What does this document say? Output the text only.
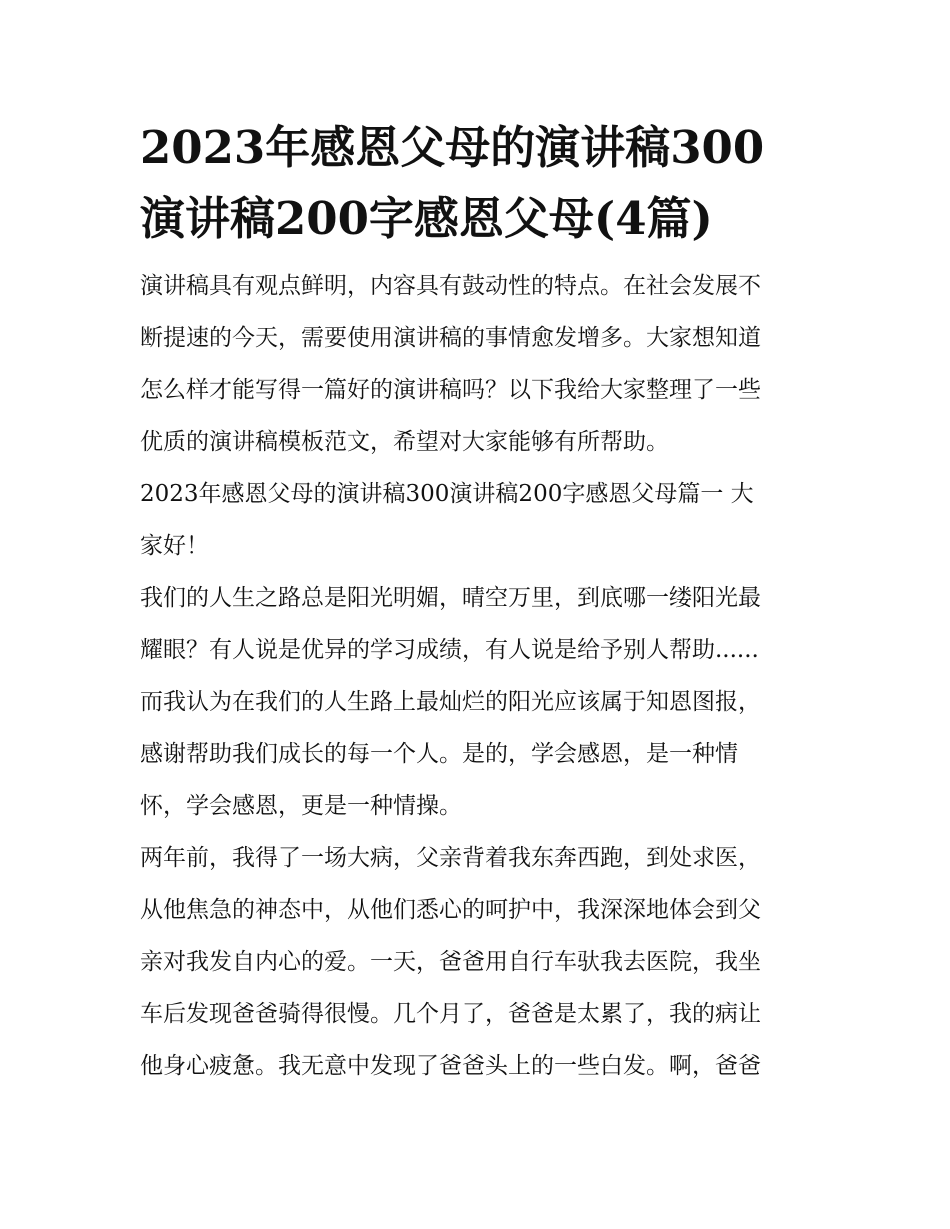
2023年感恩父母的演讲稿300
演讲稿200字感恩父母(4篇)

演讲稿具有观点鲜明，内容具有鼓动性的特点。在社会发展不
断提速的今天，需要使用演讲稿的事情愈发增多。大家想知道
怎么样才能写得一篇好的演讲稿吗？以下我给大家整理了一些
优质的演讲稿模板范文，希望对大家能够有所帮助。

2023年感恩父母的演讲稿300演讲稿200字感恩父母篇一 大
家好！

我们的人生之路总是阳光明媚，晴空万里，到底哪一缕阳光最
耀眼？有人说是优异的学习成绩，有人说是给予别人帮助......
而我认为在我们的人生路上最灿烂的阳光应该属于知恩图报，
感谢帮助我们成长的每一个人。是的，学会感恩，是一种情
怀，学会感恩，更是一种情操。

两年前，我得了一场大病，父亲背着我东奔西跑，到处求医，
从他焦急的神态中，从他们悉心的呵护中，我深深地体会到父
亲对我发自内心的爱。一天，爸爸用自行车驮我去医院，我坐
车后发现爸爸骑得很慢。几个月了，爸爸是太累了，我的病让
他身心疲惫。我无意中发现了爸爸头上的一些白发。啊，爸爸
